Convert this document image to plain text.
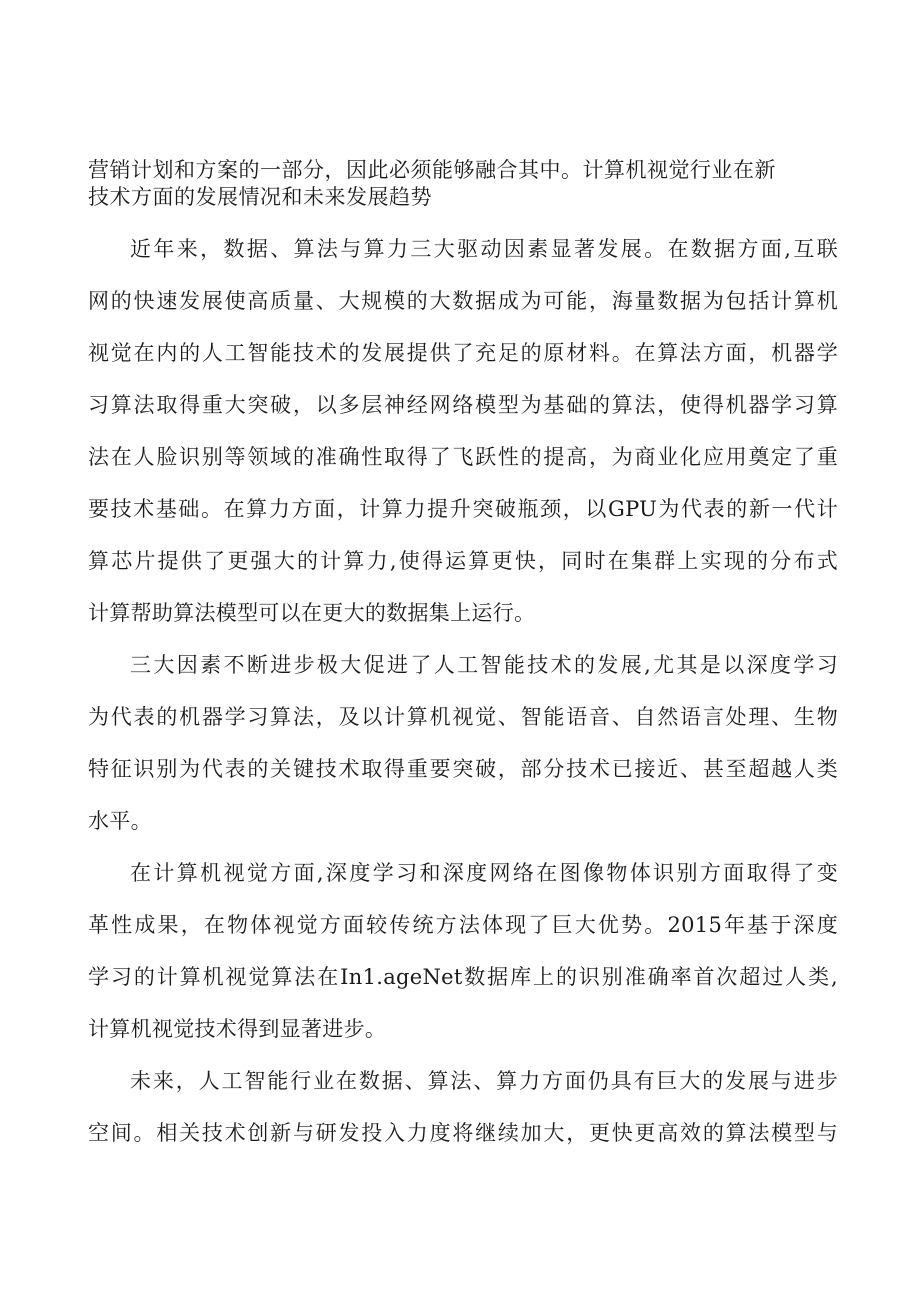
营销计划和方案的一部分，因此必须能够融合其中。计算机视觉行业在新
技术方面的发展情况和未来发展趋势
近年来，数据、算法与算力三大驱动因素显著发展。在数据方面,互联
网的快速发展使高质量、大规模的大数据成为可能，海量数据为包括计算机
视觉在内的人工智能技术的发展提供了充足的原材料。在算法方面，机器学
习算法取得重大突破，以多层神经网络模型为基础的算法，使得机器学习算
法在人脸识别等领域的准确性取得了飞跃性的提高，为商业化应用奠定了重
要技术基础。在算力方面，计算力提升突破瓶颈，以GPU为代表的新一代计
算芯片提供了更强大的计算力,使得运算更快，同时在集群上实现的分布式
计算帮助算法模型可以在更大的数据集上运行。
三大因素不断进步极大促进了人工智能技术的发展,尤其是以深度学习
为代表的机器学习算法，及以计算机视觉、智能语音、自然语言处理、生物
特征识别为代表的关键技术取得重要突破，部分技术已接近、甚至超越人类
水平。
在计算机视觉方面,深度学习和深度网络在图像物体识别方面取得了变
革性成果，在物体视觉方面较传统方法体现了巨大优势。2015年基于深度
学习的计算机视觉算法在In1.ageNet数据库上的识别准确率首次超过人类,
计算机视觉技术得到显著进步。
未来，人工智能行业在数据、算法、算力方面仍具有巨大的发展与进步
空间。相关技术创新与研发投入力度将继续加大，更快更高效的算法模型与
